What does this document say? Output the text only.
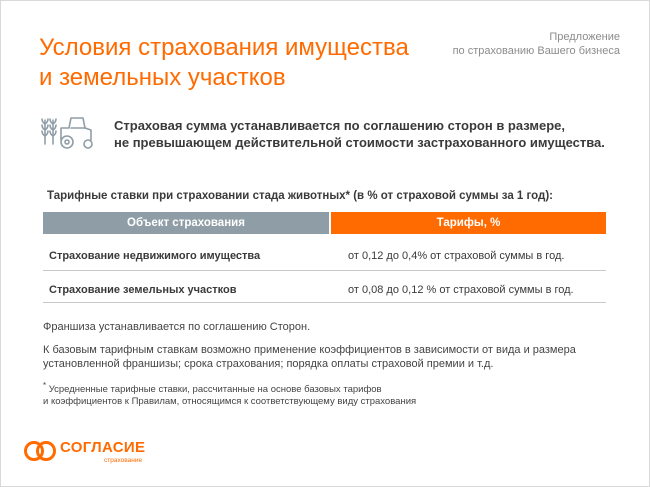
Предложение
по страхованию Вашего бизнеса
Условия страхования имущества
и земельных участков
Страховая сумма устанавливается по соглашению сторон в размере,
не превышающем действительной стоимости застрахованного имущества.
Тарифные ставки при страховании стада животных* (в % от страховой суммы за 1 год):
Объект страхования	Тарифы, %
Страхование недвижимого имущества	от 0,12 до 0,4% от страховой суммы в год.
Страхование земельных участков	от 0,08 до 0,12 % от страховой суммы в год.
Франшиза устанавливается по соглашению Сторон.
К базовым тарифным ставкам возможно применение коэффициентов в зависимости от вида и размера
установленной франшизы; срока страхования; порядка оплаты страховой премии и т.д.
* Усредненные тарифные ставки, рассчитанные на основе базовых тарифов
и коэффициентов к Правилам, относящимся к соответствующему виду страхования
СОГЛАСИЕ
страхование
